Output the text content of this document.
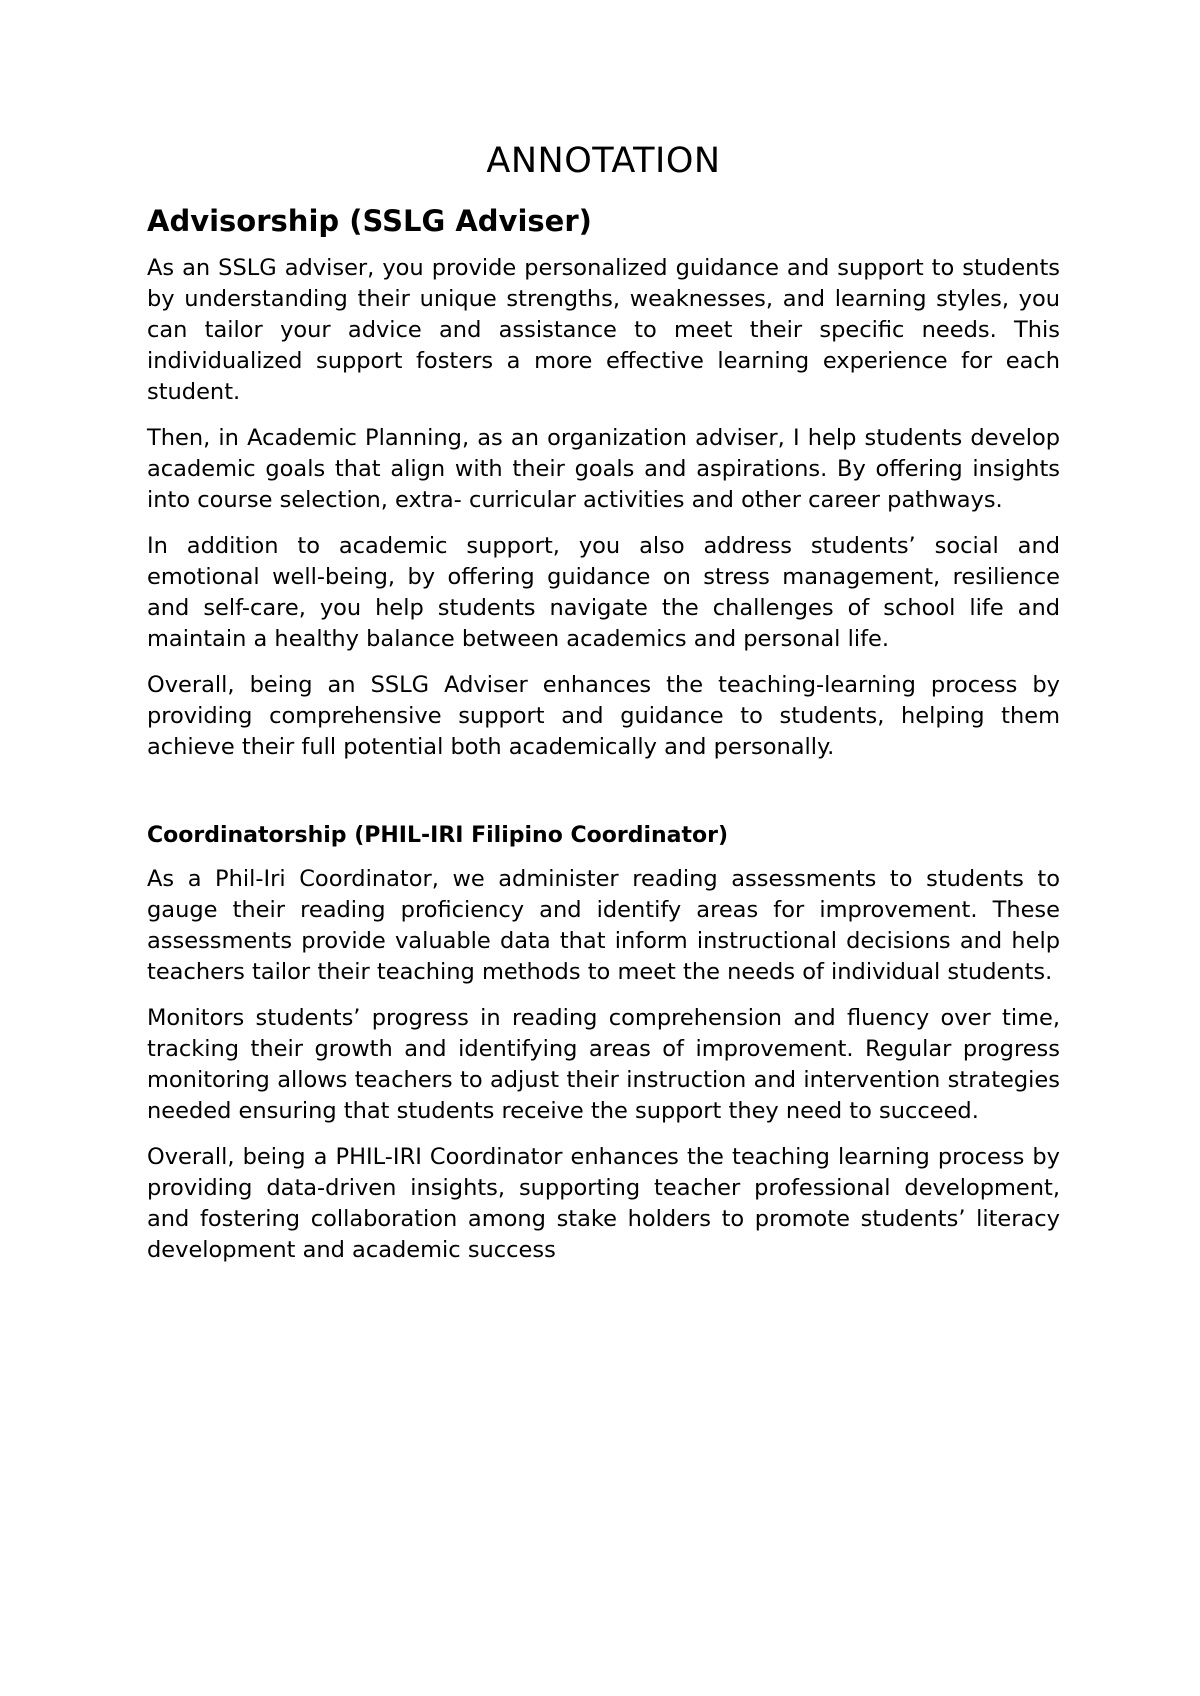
ANNOTATION
Advisorship (SSLG Adviser)

As an SSLG adviser, you provide personalized guidance and support to students by understanding their unique strengths, weaknesses, and learning styles, you can tailor your advice and assistance to meet their specific needs. This individualized support fosters a more effective learning experience for each student.

Then, in Academic Planning, as an organization adviser, I help students develop academic goals that align with their goals and aspirations. By offering insights into course selection, extra- curricular activities and other career pathways.

In addition to academic support, you also address students’ social and emotional well-being, by offering guidance on stress management, resilience and self-care, you help students navigate the challenges of school life and maintain a healthy balance between academics and personal life.

Overall, being an SSLG Adviser enhances the teaching-learning process by providing comprehensive support and guidance to students, helping them achieve their full potential both academically and personally.

Coordinatorship (PHIL-IRI Filipino Coordinator)

As a Phil-Iri Coordinator, we administer reading assessments to students to gauge their reading proficiency and identify areas for improvement. These assessments provide valuable data that inform instructional decisions and help teachers tailor their teaching methods to meet the needs of individual students.

Monitors students’ progress in reading comprehension and fluency over time, tracking their growth and identifying areas of improvement. Regular progress monitoring allows teachers to adjust their instruction and intervention strategies needed ensuring that students receive the support they need to succeed.

Overall, being a PHIL-IRI Coordinator enhances the teaching learning process by providing data-driven insights, supporting teacher professional development, and fostering collaboration among stake holders to promote students’ literacy development and academic success
